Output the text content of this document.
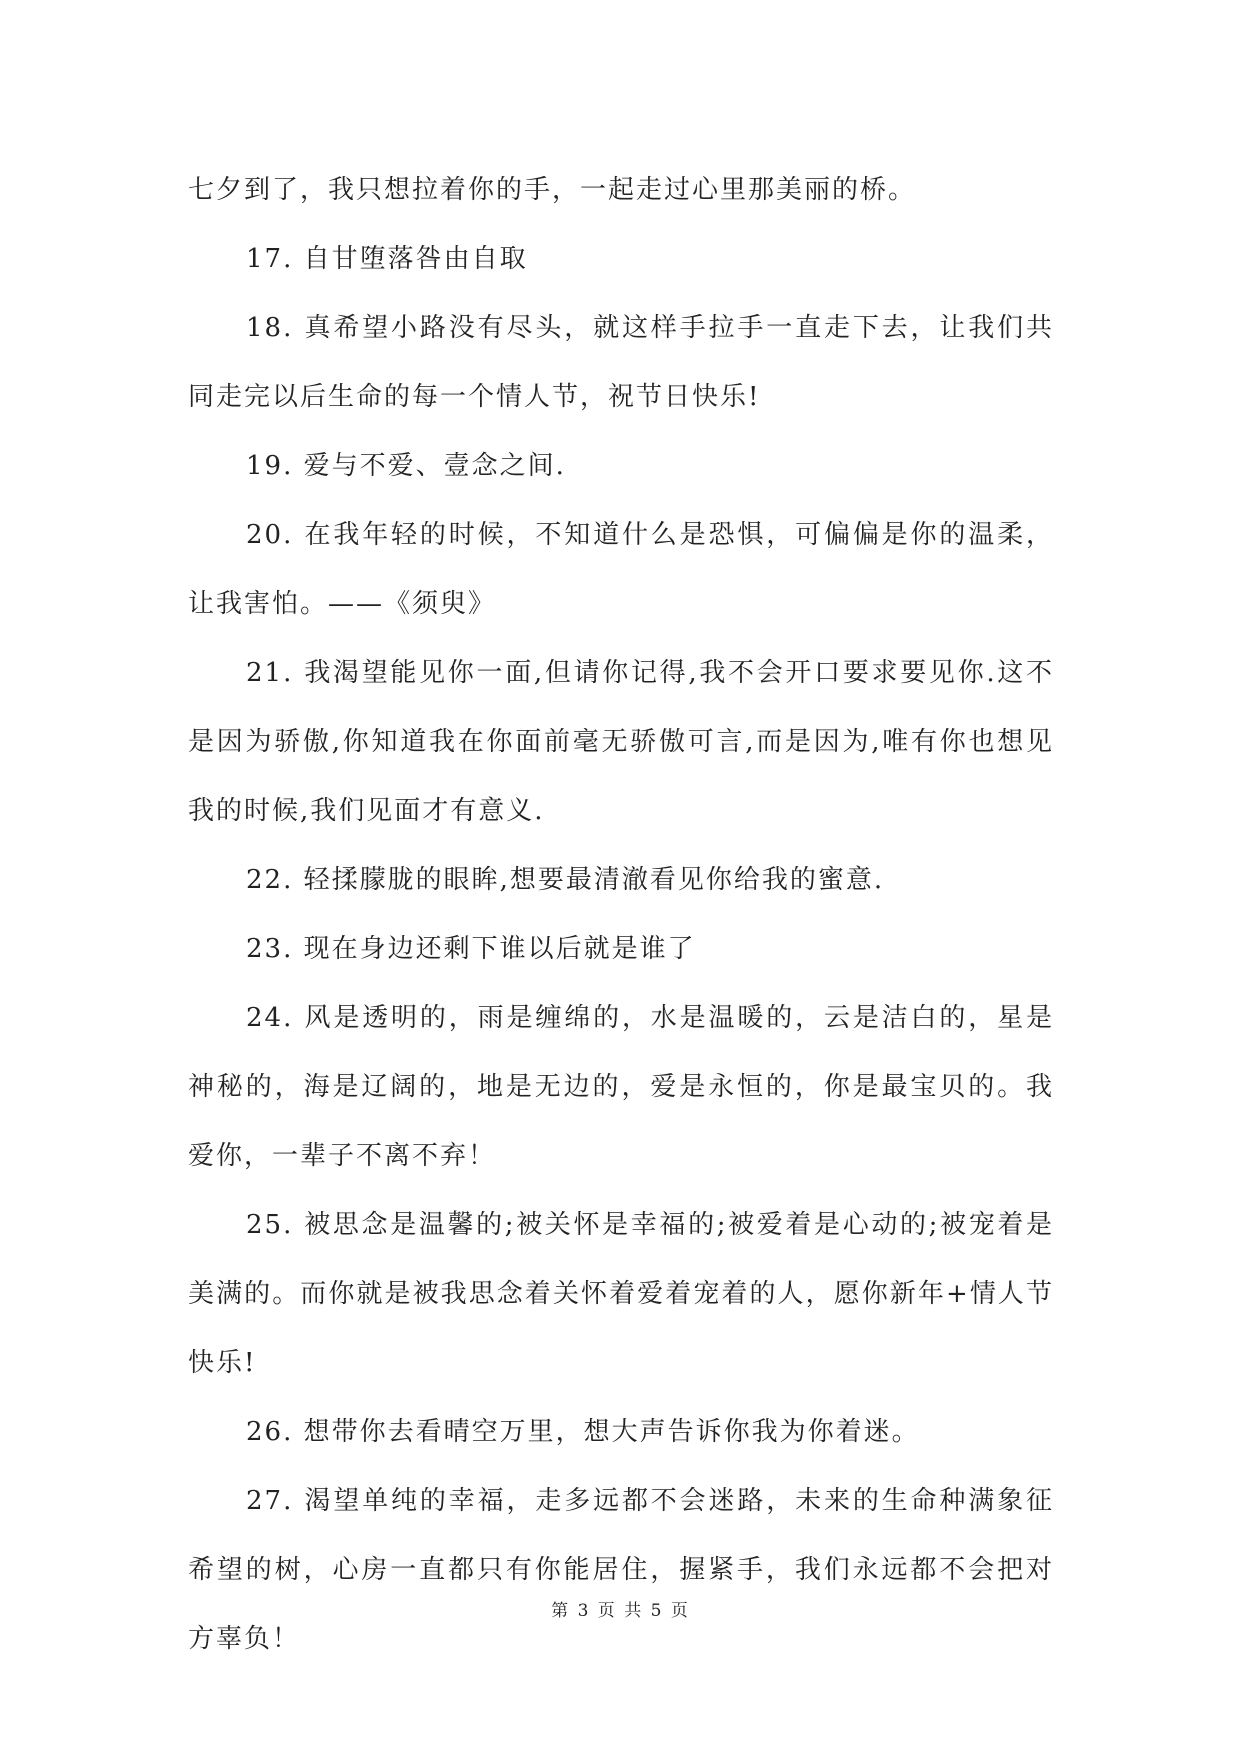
七夕到了，我只想拉着你的手，一起走过心里那美丽的桥。

17. 自甘堕落咎由自取

18. 真希望小路没有尽头，就这样手拉手一直走下去，让我们共同走完以后生命的每一个情人节，祝节日快乐!

19. 爱与不爱、壹念之间.

20. 在我年轻的时候，不知道什么是恐惧，可偏偏是你的温柔，让我害怕。——《须臾》

21. 我渴望能见你一面,但请你记得,我不会开口要求要见你.这不是因为骄傲,你知道我在你面前毫无骄傲可言,而是因为,唯有你也想见我的时候,我们见面才有意义.

22. 轻揉朦胧的眼眸,想要最清澈看见你给我的蜜意.

23. 现在身边还剩下谁以后就是谁了

24. 风是透明的，雨是缠绵的，水是温暖的，云是洁白的，星是神秘的，海是辽阔的，地是无边的，爱是永恒的，你是最宝贝的。我爱你，一辈子不离不弃！

25. 被思念是温馨的;被关怀是幸福的;被爱着是心动的;被宠着是美满的。而你就是被我思念着关怀着爱着宠着的人，愿你新年+情人节快乐!

26. 想带你去看晴空万里，想大声告诉你我为你着迷。

27. 渴望单纯的幸福，走多远都不会迷路，未来的生命种满象征希望的树，心房一直都只有你能居住，握紧手，我们永远都不会把对方辜负！

第 3 页 共 5 页
